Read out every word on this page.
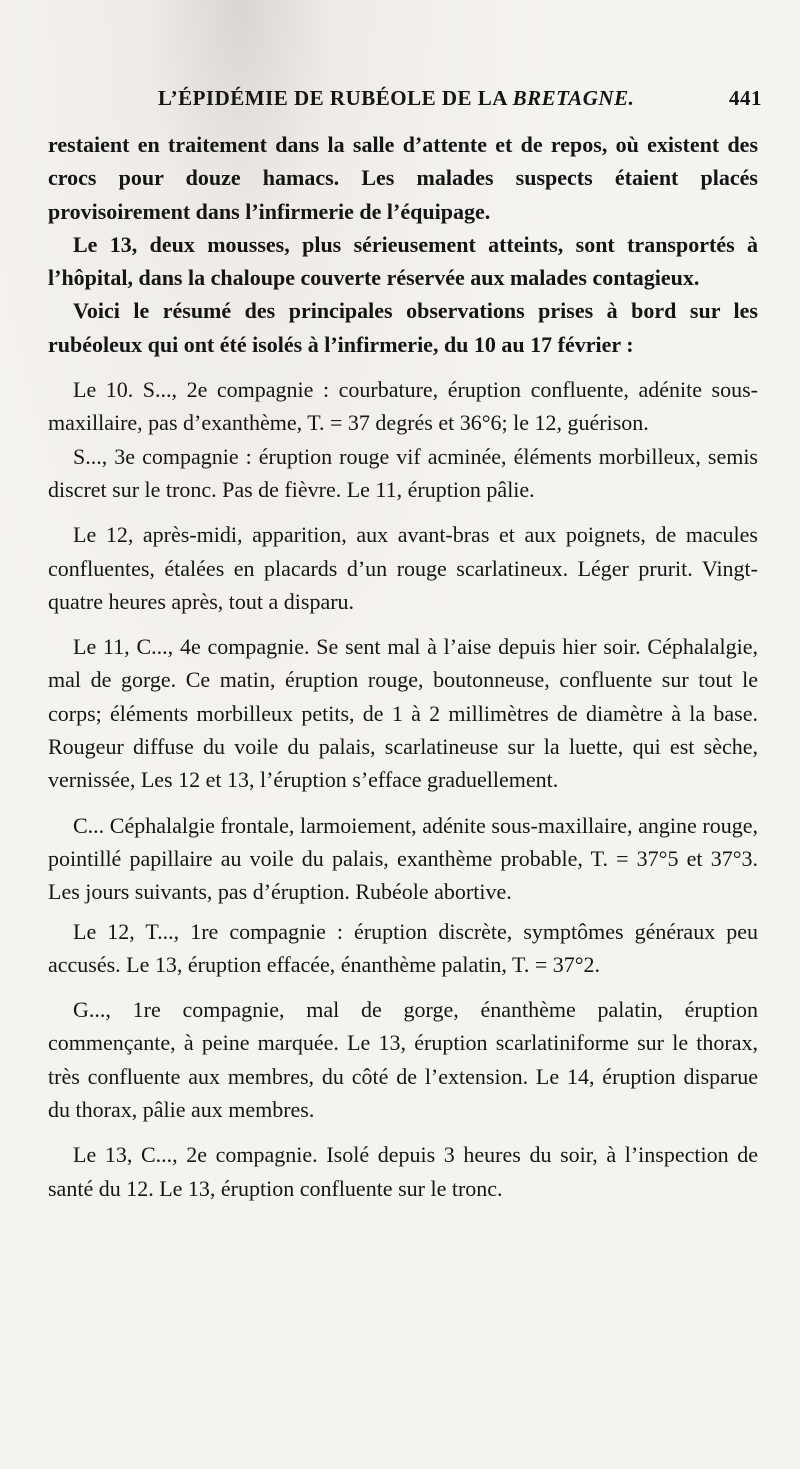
L’ÉPIDÉMIE DE RUBÉOLE DE LA BRETAGNE.	441

restaient en traitement dans la salle d’attente et de repos, où existent des crocs pour douze hamacs. Les malades suspects étaient placés provisoirement dans l’infirmerie de l’équipage.

Le 13, deux mousses, plus sérieusement atteints, sont transportés à l’hôpital, dans la chaloupe couverte réservée aux malades contagieux.

Voici le résumé des principales observations prises à bord sur les rubéoleux qui ont été isolés à l’infirmerie, du 10 au 17 février :

Le 10. S..., 2e compagnie : courbature, éruption confluente, adénite sous-maxillaire, pas d’exanthème, T. = 37 degrés et 36°6; le 12, guérison.

S..., 3e compagnie : éruption rouge vif acminée, éléments morbilleux, semis discret sur le tronc. Pas de fièvre. Le 11, éruption pâlie.

Le 12, après-midi, apparition, aux avant-bras et aux poignets, de macules confluentes, étalées en placards d’un rouge scarlatineux. Léger prurit. Vingt-quatre heures après, tout a disparu.

Le 11, C..., 4e compagnie. Se sent mal à l’aise depuis hier soir. Céphalalgie, mal de gorge. Ce matin, éruption rouge, boutonneuse, confluente sur tout le corps; éléments morbilleux petits, de 1 à 2 millimètres de diamètre à la base. Rougeur diffuse du voile du palais, scarlatineuse sur la luette, qui est sèche, vernissée, Les 12 et 13, l’éruption s’efface graduellement.

C... Céphalalgie frontale, larmoiement, adénite sous-maxillaire, angine rouge, pointillé papillaire au voile du palais, exanthème probable, T. = 37°5 et 37°3. Les jours suivants, pas d’éruption. Rubéole abortive.

Le 12, T..., 1re compagnie : éruption discrète, symptômes généraux peu accusés. Le 13, éruption effacée, énanthème palatin, T. = 37°2.

G..., 1re compagnie, mal de gorge, énanthème palatin, éruption commençante, à peine marquée. Le 13, éruption scarlatiniforme sur le thorax, très confluente aux membres, du côté de l’extension. Le 14, éruption disparue du thorax, pâlie aux membres.

Le 13, C..., 2e compagnie. Isolé depuis 3 heures du soir, à l’inspection de santé du 12. Le 13, éruption confluente sur le tronc.
